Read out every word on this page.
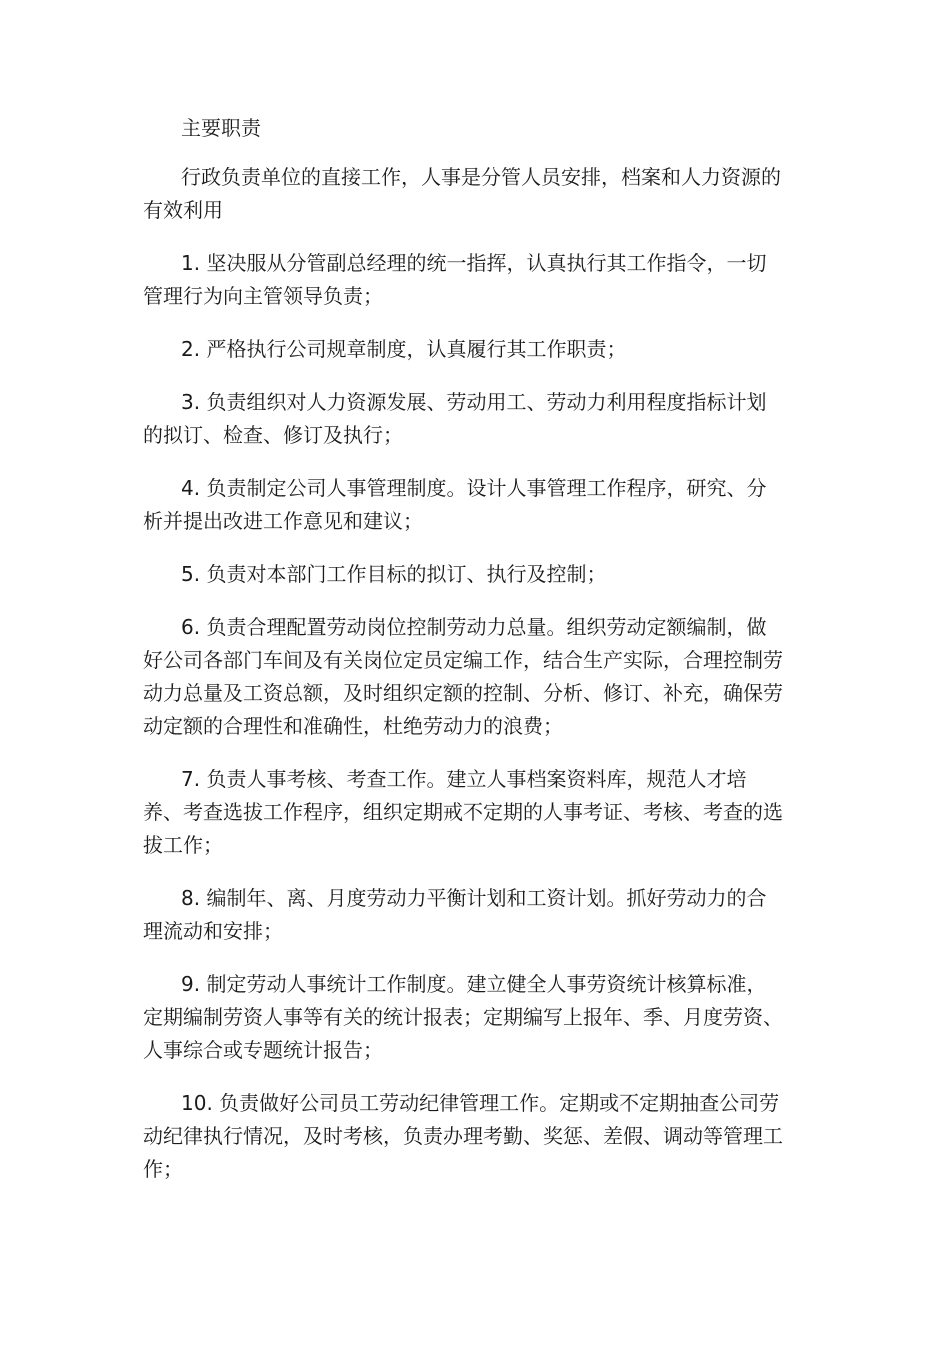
主要职责

行政负责单位的直接工作，人事是分管人员安排，档案和人力资源的有效利用

1. 坚决服从分管副总经理的统一指挥，认真执行其工作指令，一切管理行为向主管领导负责；

2. 严格执行公司规章制度，认真履行其工作职责；

3. 负责组织对人力资源发展、劳动用工、劳动力利用程度指标计划的拟订、检查、修订及执行；

4. 负责制定公司人事管理制度。设计人事管理工作程序，研究、分析并提出改进工作意见和建议；

5. 负责对本部门工作目标的拟订、执行及控制；

6. 负责合理配置劳动岗位控制劳动力总量。组织劳动定额编制，做好公司各部门车间及有关岗位定员定编工作，结合生产实际，合理控制劳动力总量及工资总额，及时组织定额的控制、分析、修订、补充，确保劳动定额的合理性和准确性，杜绝劳动力的浪费；

7. 负责人事考核、考查工作。建立人事档案资料库，规范人才培养、考查选拔工作程序，组织定期戒不定期的人事考证、考核、考查的选拔工作；

8. 编制年、离、月度劳动力平衡计划和工资计划。抓好劳动力的合理流动和安排；

9. 制定劳动人事统计工作制度。建立健全人事劳资统计核算标准，定期编制劳资人事等有关的统计报表；定期编写上报年、季、月度劳资、人事综合或专题统计报告；

10. 负责做好公司员工劳动纪律管理工作。定期或不定期抽查公司劳动纪律执行情况，及时考核，负责办理考勤、奖惩、差假、调动等管理工作；
